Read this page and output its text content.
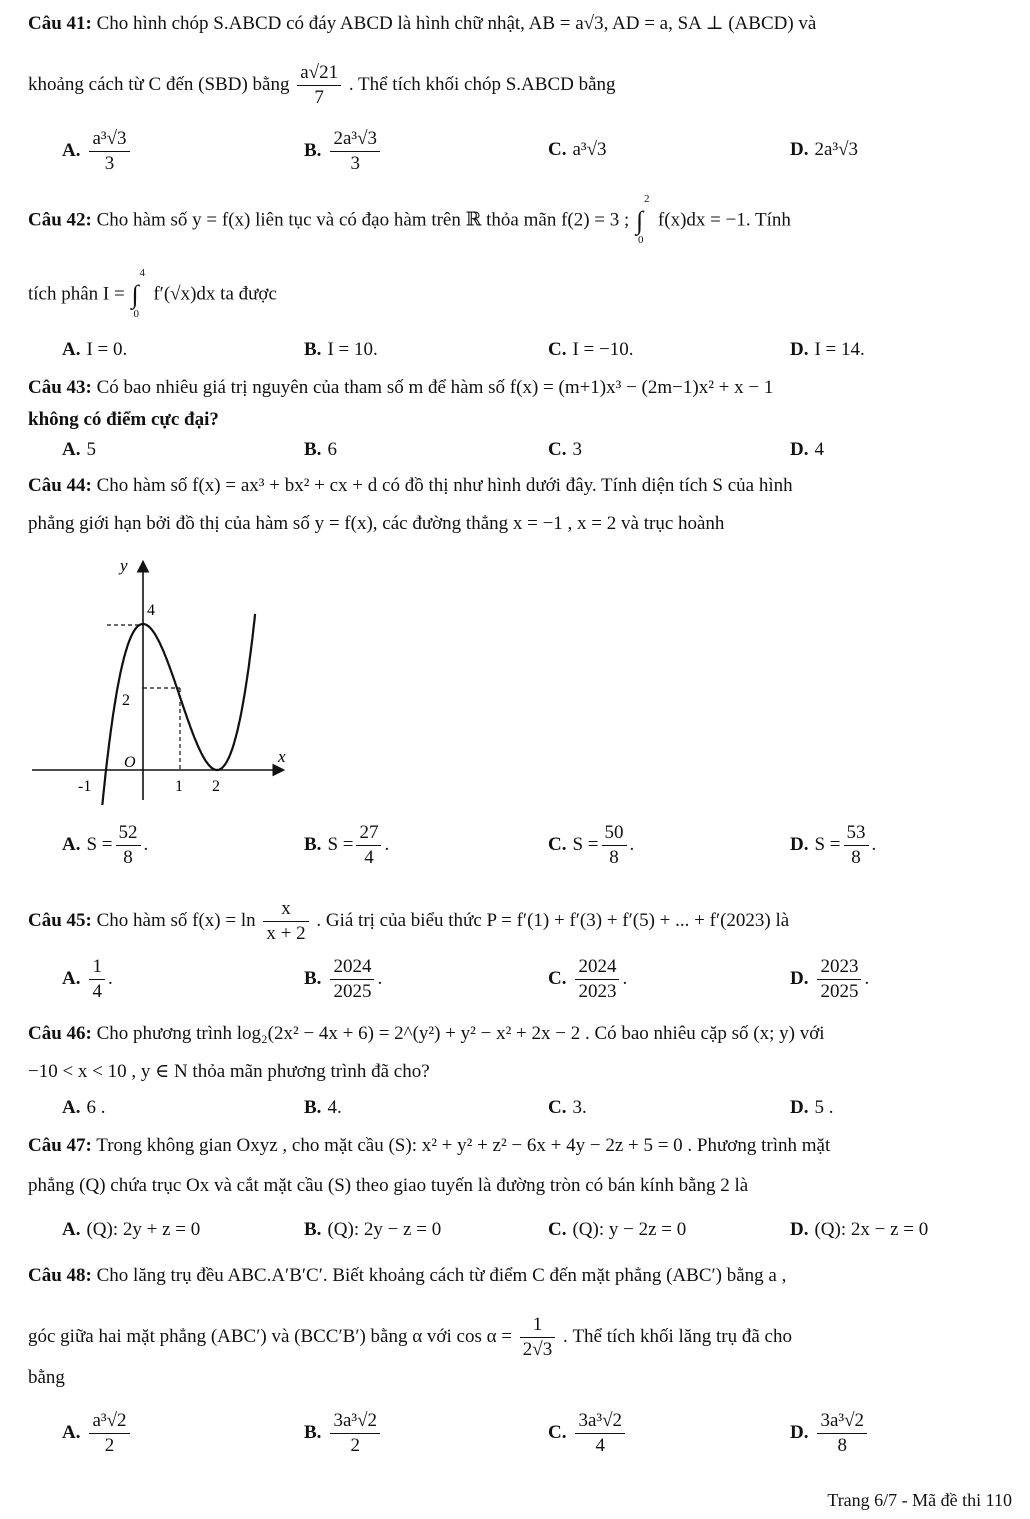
Câu 41: Cho hình chóp S.ABCD có đáy ABCD là hình chữ nhật, AB = a√3, AD = a, SA ⊥ (ABCD) và
khoảng cách từ C đến (SBD) bằng $\frac{a√21}{7}$ . Thể tích khối chóp S.ABCD bằng
A. $\frac{\text{a³√3}}{3}$	B. $\frac{\text{2a³√3}}{3}$	C. a³√3	D. 2a³√3
Câu 42: Cho hàm số y = f(x) liên tục và có đạo hàm trên ℝ thỏa mãn f(2) = 3 ; ∫
2
0
f(x)dx = −1. Tính
tích phân I = ∫
4
0
f′(√x)dx ta được
A. I = 0.	B. I = 10.	C. I = −10.	D. I = 14.
Câu 43: Có bao nhiêu giá trị nguyên của tham số m để hàm số f(x) = (m+1)x³ − (2m−1)x² + x − 1
không có điểm cực đại?
A. 5	B. 6	C. 3	D. 4
Câu 44: Cho hàm số f(x) = ax³ + bx² + cx + d có đồ thị như hình dưới đây. Tính diện tích S của hình
phẳng giới hạn bởi đồ thị của hàm số y = f(x), các đường thẳng x = −1 , x = 2 và trục hoành
y
x
4
2
O
-1	1 2
A. $S = \frac{52}{8}$ .	B. $S = \frac{27}{4}$ .	C. $S = \frac{50}{8}$ .	D. $S = \frac{53}{8}$ .
Câu 45: Cho hàm số $f(x) = \ln \frac{x}{x + 2}$ . Giá trị của biểu thức P = f′(1) + f′(3) + f′(5) + ... + f′(2023) là
A. $\frac{1}{4}$ .	B. $\frac{2024}{2025}$ .	C. $\frac{2024}{2023}$ .	D. $\frac{2023}{2025}$ .
Câu 46: Cho phương trình log₂(2x² − 4x + 6) = 2^(y²) + y² − x² + 2x − 2 . Có bao nhiêu cặp số (x; y) với
−10 < x < 10 , y ∈ N thỏa mãn phương trình đã cho?
A. 6 .	B. 4.	C. 3.	D. 5 .
Câu 47: Trong không gian Oxyz , cho mặt cầu (S): x² + y² + z² − 6x + 4y − 2z + 5 = 0 . Phương trình mặt
phẳng (Q) chứa trục Ox và cắt mặt cầu (S) theo giao tuyến là đường tròn có bán kính bằng 2 là
A. (Q): 2y + z = 0	B. (Q): 2y − z = 0	C. (Q): y − 2z = 0	D. (Q): 2x − z = 0
Câu 48: Cho lăng trụ đều ABC.A′B′C′. Biết khoảng cách từ điểm C đến mặt phẳng (ABC′) bằng a ,
góc giữa hai mặt phẳng (ABC′) và (BCC′B′) bằng α với $\cos \alpha = \frac{1}{2√3}$ . Thể tích khối lăng trụ đã cho
bằng
A. $\frac{\text{a³√2}}{2}$	B. $\frac{\text{3a³√2}}{2}$	C. $\frac{\text{3a³√2}}{4}$	D. $\frac{\text{3a³√2}}{8}$
Trang 6/7 - Mã đề thi 110
